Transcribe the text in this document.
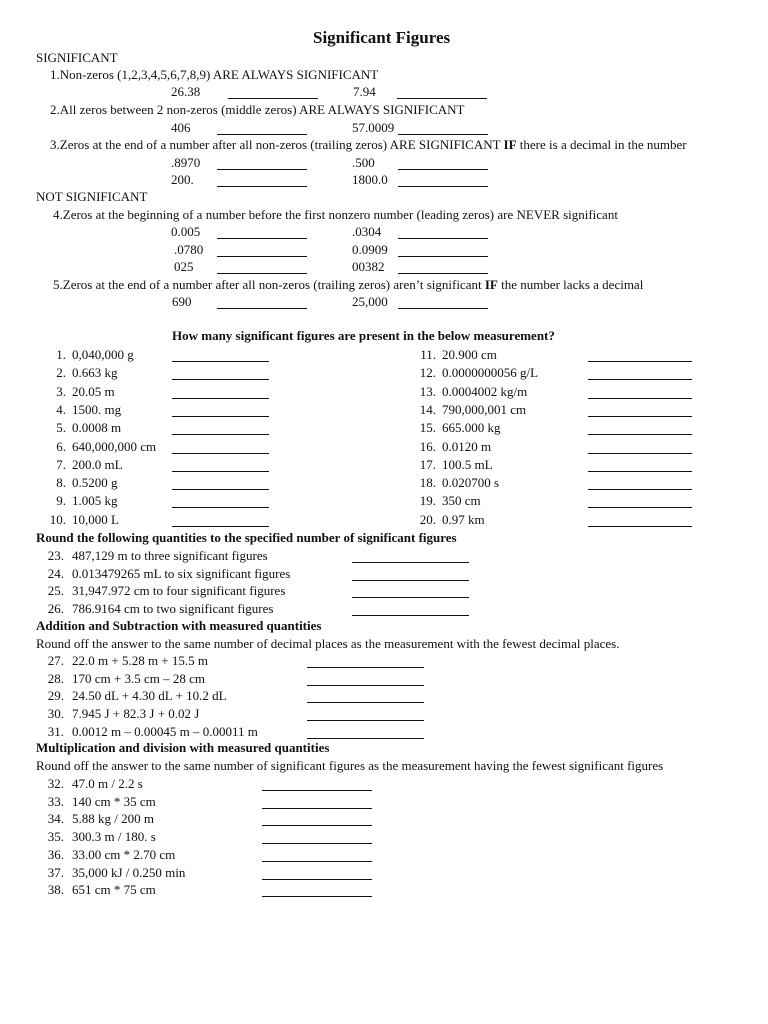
Significant Figures
SIGNIFICANT
1.Non-zeros (1,2,3,4,5,6,7,8,9) ARE ALWAYS SIGNIFICANT
26.38	7.94
2.All zeros between 2 non-zeros (middle zeros) ARE ALWAYS SIGNIFICANT
406	57.0009
3.Zeros at the end of a number after all non-zeros (trailing zeros) ARE SIGNIFICANT IF there is a decimal in the number
.8970	.500
200.	1800.0
NOT SIGNIFICANT
4.Zeros at the beginning of a number before the first nonzero number (leading zeros) are NEVER significant
0.005	.0304
.0780	0.0909
025	00382
5.Zeros at the end of a number after all non-zeros (trailing zeros) aren’t significant IF the number lacks a decimal
690	25,000
How many significant figures are present in the below measurement?
1. 0,040,000 g
2. 0.663 kg
3. 20.05 m
4. 1500. mg
5. 0.0008 m
6. 640,000,000 cm
7. 200.0 mL
8. 0.5200 g
9. 1.005 kg
10. 10,000 L
11. 20.900 cm
12. 0.0000000056 g/L
13. 0.0004002 kg/m
14. 790,000,001 cm
15. 665.000 kg
16. 0.0120 m
17. 100.5 mL
18. 0.020700 s
19. 350 cm
20. 0.97 km
Round the following quantities to the specified number of significant figures
23. 487,129 m to three significant figures
24. 0.013479265 mL to six significant figures
25. 31,947.972 cm to four significant figures
26. 786.9164 cm to two significant figures
Addition and Subtraction with measured quantities
Round off the answer to the same number of decimal places as the measurement with the fewest decimal places.
27. 22.0 m + 5.28 m + 15.5 m
28. 170 cm + 3.5 cm – 28 cm
29. 24.50 dL + 4.30 dL + 10.2 dL
30. 7.945 J + 82.3 J + 0.02 J
31. 0.0012 m – 0.00045 m – 0.00011 m
Multiplication and division with measured quantities
Round off the answer to the same number of significant figures as the measurement having the fewest significant figures
32. 47.0 m / 2.2 s
33. 140 cm * 35 cm
34. 5.88 kg / 200 m
35. 300.3 m / 180. s
36. 33.00 cm * 2.70 cm
37. 35,000 kJ / 0.250 min
38. 651 cm * 75 cm
